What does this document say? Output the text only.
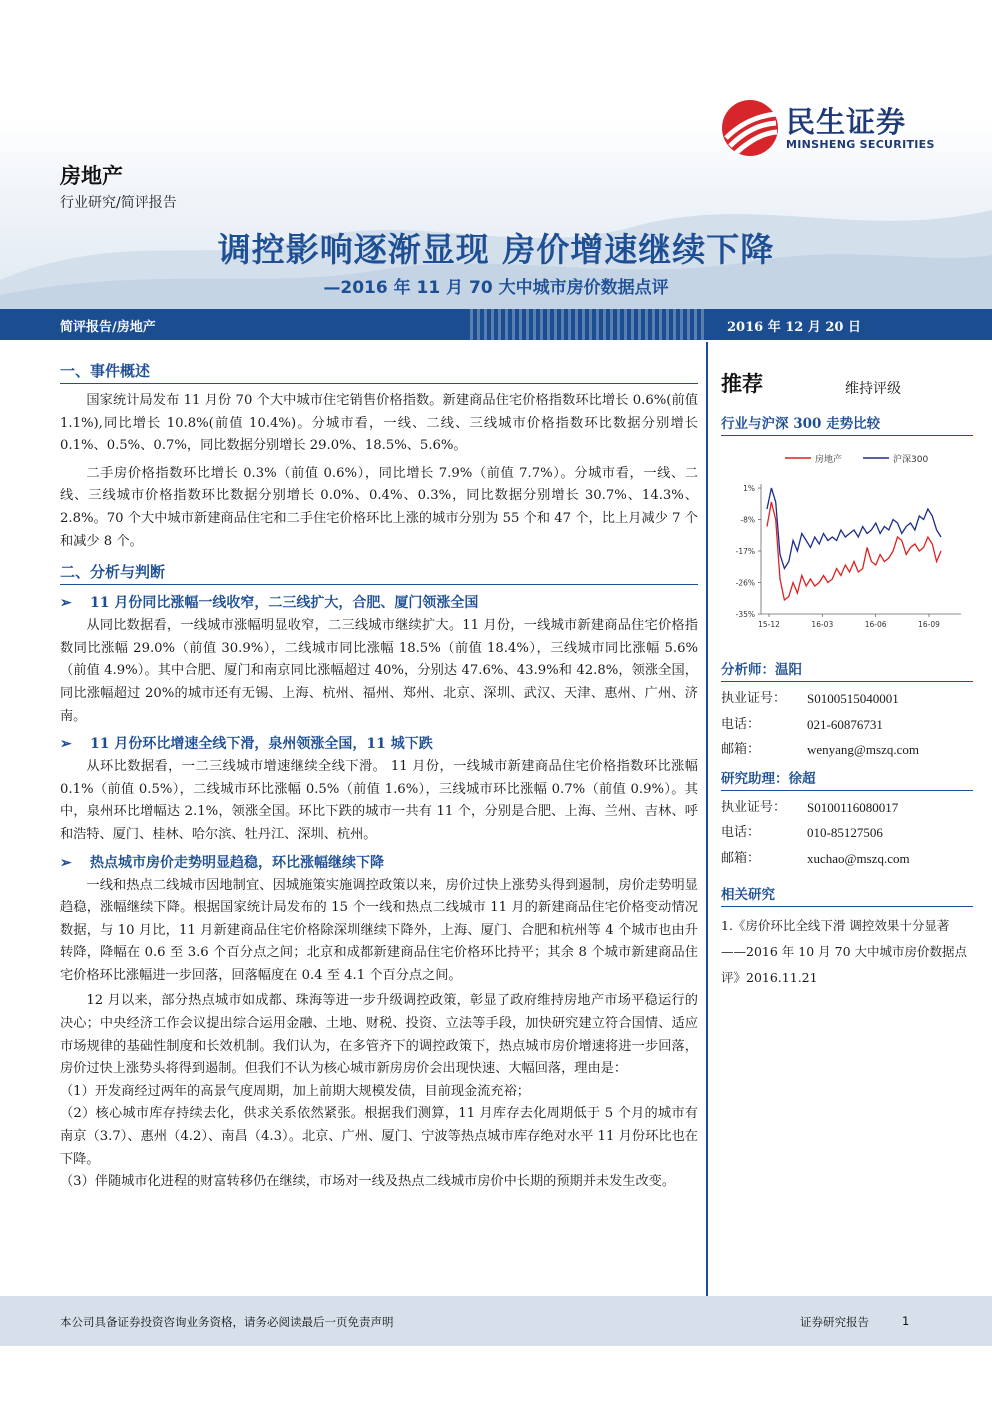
民生证券
MINSHENG SECURITIES
房地产
行业研究/简评报告
调控影响逐渐显现 房价增速继续下降
—2016 年 11 月 70 大中城市房价数据点评
简评报告/房地产	2016 年 12 月 20 日
一、事件概述

国家统计局发布 11 月份 70 个大中城市住宅销售价格指数。新建商品住宅价格指数环比增长 0.6%(前值 1.1%),同比增长 10.8%(前值 10.4%)。分城市看，一线、二线、三线城市价格指数环比数据分别增长 0.1%、0.5%、0.7%，同比数据分别增长 29.0%、18.5%、5.6%。

二手房价格指数环比增长 0.3%（前值 0.6%），同比增长 7.9%（前值 7.7%）。分城市看，一线、二线、三线城市价格指数环比数据分别增长 0.0%、0.4%、0.3%，同比数据分别增长 30.7%、14.3%、2.8%。70 个大中城市新建商品住宅和二手住宅价格环比上涨的城市分别为 55 个和 47 个，比上月减少 7 个和减少 8 个。

二、分析与判断
➢ 11 月份同比涨幅一线收窄，二三线扩大，合肥、厦门领涨全国

从同比数据看，一线城市涨幅明显收窄，二三线城市继续扩大。11 月份，一线城市新建商品住宅价格指数同比涨幅 29.0%（前值 30.9%），二线城市同比涨幅 18.5%（前值 18.4%），三线城市同比涨幅 5.6%（前值 4.9%）。其中合肥、厦门和南京同比涨幅超过 40%，分别达 47.6%、43.9%和 42.8%，领涨全国，同比涨幅超过 20%的城市还有无锡、上海、杭州、福州、郑州、北京、深圳、武汉、天津、惠州、广州、济南。

➢ 11 月份环比增速全线下滑，泉州领涨全国，11 城下跌

从环比数据看，一二三线城市增速继续全线下滑。 11 月份，一线城市新建商品住宅价格指数环比涨幅 0.1%（前值 0.5%），二线城市环比涨幅 0.5%（前值 1.6%），三线城市环比涨幅 0.7%（前值 0.9%）。其中，泉州环比增幅达 2.1%，领涨全国。环比下跌的城市一共有 11 个，分别是合肥、上海、兰州、吉林、呼和浩特、厦门、桂林、哈尔滨、牡丹江、深圳、杭州。

➢ 热点城市房价走势明显趋稳，环比涨幅继续下降

一线和热点二线城市因地制宜、因城施策实施调控政策以来，房价过快上涨势头得到遏制，房价走势明显趋稳，涨幅继续下降。根据国家统计局发布的 15 个一线和热点二线城市 11 月的新建商品住宅价格变动情况数据，与 10 月比，11 月新建商品住宅价格除深圳继续下降外，上海、厦门、合肥和杭州等 4 个城市也由升转降，降幅在 0.6 至 3.6 个百分点之间；北京和成都新建商品住宅价格环比持平；其余 8 个城市新建商品住宅价格环比涨幅进一步回落，回落幅度在 0.4 至 4.1 个百分点之间。

12 月以来，部分热点城市如成都、珠海等进一步升级调控政策，彰显了政府维持房地产市场平稳运行的决心；中央经济工作会议提出综合运用金融、土地、财税、投资、立法等手段，加快研究建立符合国情、适应市场规律的基础性制度和长效机制。我们认为，在多管齐下的调控政策下，热点城市房价增速将进一步回落，房价过快上涨势头将得到遏制。但我们不认为核心城市新房房价会出现快速、大幅回落，理由是：

（1）开发商经过两年的高景气度周期，加上前期大规模发债，目前现金流充裕；

（2）核心城市库存持续去化，供求关系依然紧张。根据我们测算，11 月库存去化周期低于 5 个月的城市有南京（3.7）、惠州（4.2）、南昌（4.3）。北京、广州、厦门、宁波等热点城市库存绝对水平 11 月份环比也在下降。

（3）伴随城市化进程的财富转移仍在继续，市场对一线及热点二线城市房价中长期的预期并未发生改变。

推荐	维持评级
行业与沪深 300 走势比较
房地产	沪深300
1%
-8%
-17%
-26%
-35%
15-12	16-03	16-06	16-09
分析师：温阳
执业证号：	S0100515040001
电话：	021-60876731
邮箱：	wenyang@mszq.com
研究助理：徐超
执业证号：	S0100116080017
电话：	010-85127506
邮箱：	xuchao@mszq.com
相关研究

1.《房价环比全线下滑 调控效果十分显著——2016 年 10 月 70 大中城市房价数据点评》2016.11.21

本公司具备证券投资咨询业务资格，请务必阅读最后一页免责声明	证券研究报告	1
